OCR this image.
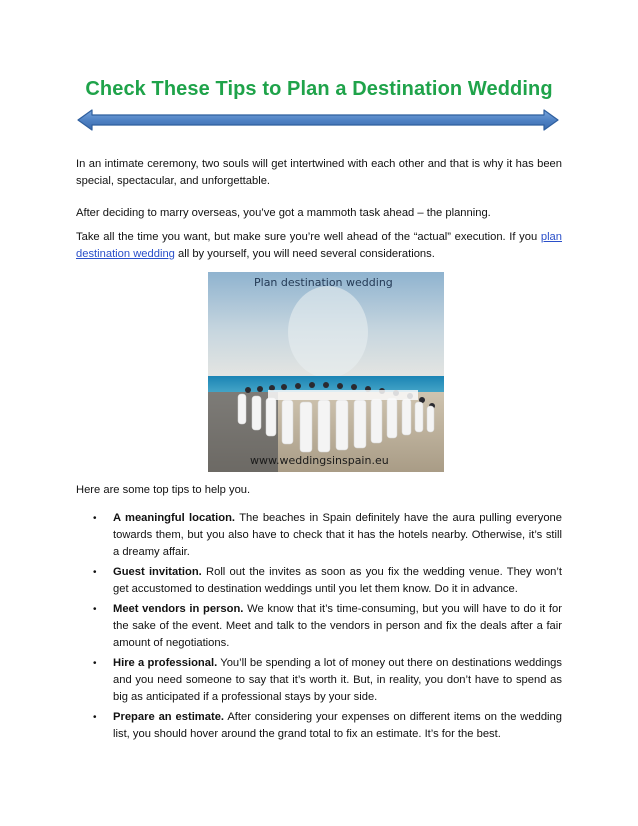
Check These Tips to Plan a Destination Wedding

In an intimate ceremony, two souls will get intertwined with each other and that is why it has been special, spectacular, and unforgettable.

After deciding to marry overseas, you’ve got a mammoth task ahead – the planning.

Take all the time you want, but make sure you’re well ahead of the “actual” execution. If you plan destination wedding all by yourself, you will need several considerations.

Plan destination wedding
www.weddingsinspain.eu
Here are some top tips to help you.
• A meaningful location. The beaches in Spain definitely have the aura pulling everyone towards them, but you also have to check that it has the hotels nearby. Otherwise, it’s still a dreamy affair.
• Guest invitation. Roll out the invites as soon as you fix the wedding venue. They won’t get accustomed to destination weddings until you let them know. Do it in advance.
• Meet vendors in person. We know that it’s time-consuming, but you will have to do it for the sake of the event. Meet and talk to the vendors in person and fix the deals after a fair amount of negotiations.
• Hire a professional. You’ll be spending a lot of money out there on destinations weddings and you need someone to say that it’s worth it. But, in reality, you don’t have to spend as big as anticipated if a professional stays by your side.
• Prepare an estimate. After considering your expenses on different items on the wedding list, you should hover around the grand total to fix an estimate. It’s for the best.
